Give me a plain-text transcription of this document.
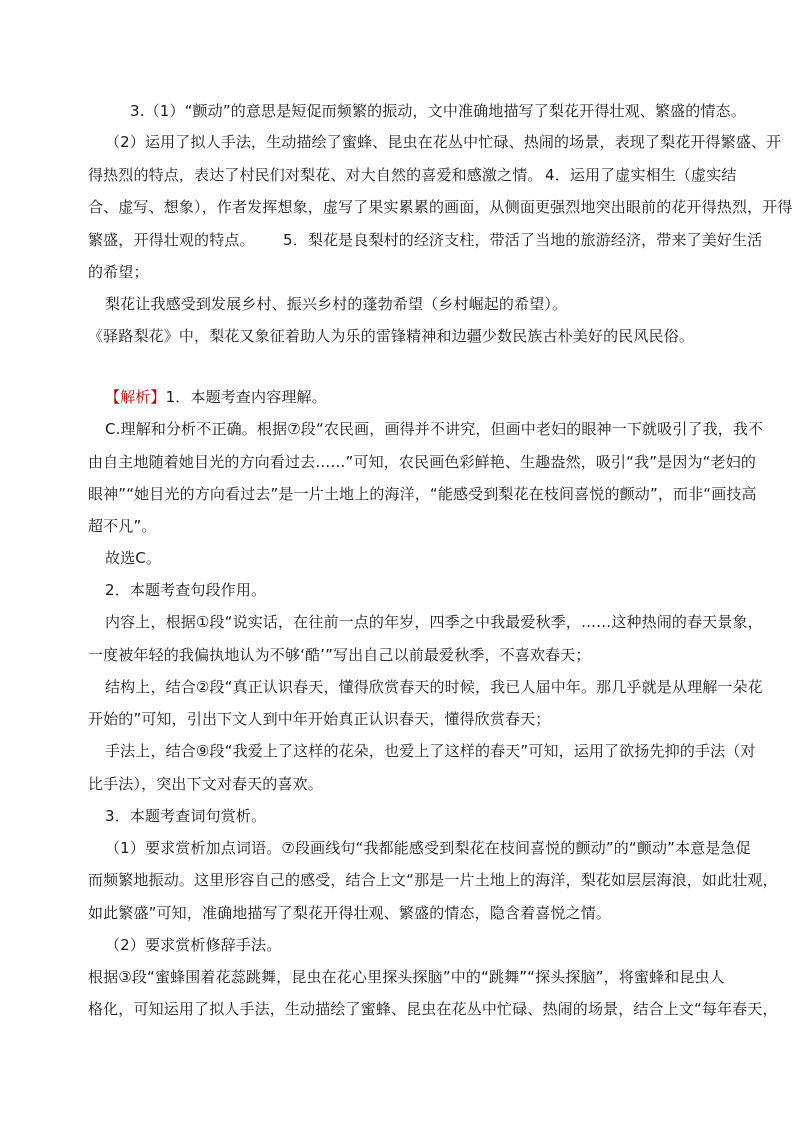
3.（1）“颤动”的意思是短促而频繁的振动，文中准确地描写了梨花开得壮观、繁盛的情态。
（2）运用了拟人手法，生动描绘了蜜蜂、昆虫在花丛中忙碌、热闹的场景，表现了梨花开得繁盛、开
得热烈的特点，表达了村民们对梨花、对大自然的喜爱和感激之情。 4．运用了虚实相生（虚实结
合、虚写、想象），作者发挥想象，虚写了果实累累的画面，从侧面更强烈地突出眼前的花开得热烈，开得
繁盛，开得壮观的特点。 5．梨花是良梨村的经济支柱，带活了当地的旅游经济，带来了美好生活
的希望；
梨花让我感受到发展乡村、振兴乡村的蓬勃希望（乡村崛起的希望）。
《驿路梨花》中，梨花又象征着助人为乐的雷锋精神和边疆少数民族古朴美好的民风民俗。
【解析】1．本题考查内容理解。
C.理解和分析不正确。根据⑦段“农民画，画得并不讲究，但画中老妇的眼神一下就吸引了我，我不
由自主地随着她目光的方向看过去……”可知，农民画色彩鲜艳、生趣盎然，吸引“我”是因为“老妇的
眼神”“她目光的方向看过去”是一片土地上的海洋，“能感受到梨花在枝间喜悦的颤动”，而非“画技高
超不凡”。
故选C。
2．本题考查句段作用。
内容上，根据①段“说实话，在往前一点的年岁，四季之中我最爱秋季，……这种热闹的春天景象，
一度被年轻的我偏执地认为不够‘酷’”写出自己以前最爱秋季，不喜欢春天；
结构上，结合②段“真正认识春天，懂得欣赏春天的时候，我已人届中年。那几乎就是从理解一朵花
开始的”可知，引出下文人到中年开始真正认识春天，懂得欣赏春天；
手法上，结合⑨段“我爱上了这样的花朵，也爱上了这样的春天”可知，运用了欲扬先抑的手法（对
比手法），突出下文对春天的喜欢。
3．本题考查词句赏析。
（1）要求赏析加点词语。⑦段画线句“我都能感受到梨花在枝间喜悦的颤动”的“颤动”本意是急促
而频繁地振动。这里形容自己的感受，结合上文“那是一片土地上的海洋，梨花如层层海浪，如此壮观，
如此繁盛”可知，准确地描写了梨花开得壮观、繁盛的情态，隐含着喜悦之情。
（2）要求赏析修辞手法。
根据③段“蜜蜂围着花蕊跳舞，昆虫在花心里探头探脑”中的“跳舞”“探头探脑”，将蜜蜂和昆虫人
格化，可知运用了拟人手法，生动描绘了蜜蜂、昆虫在花丛中忙碌、热闹的场景，结合上文“每年春天，
